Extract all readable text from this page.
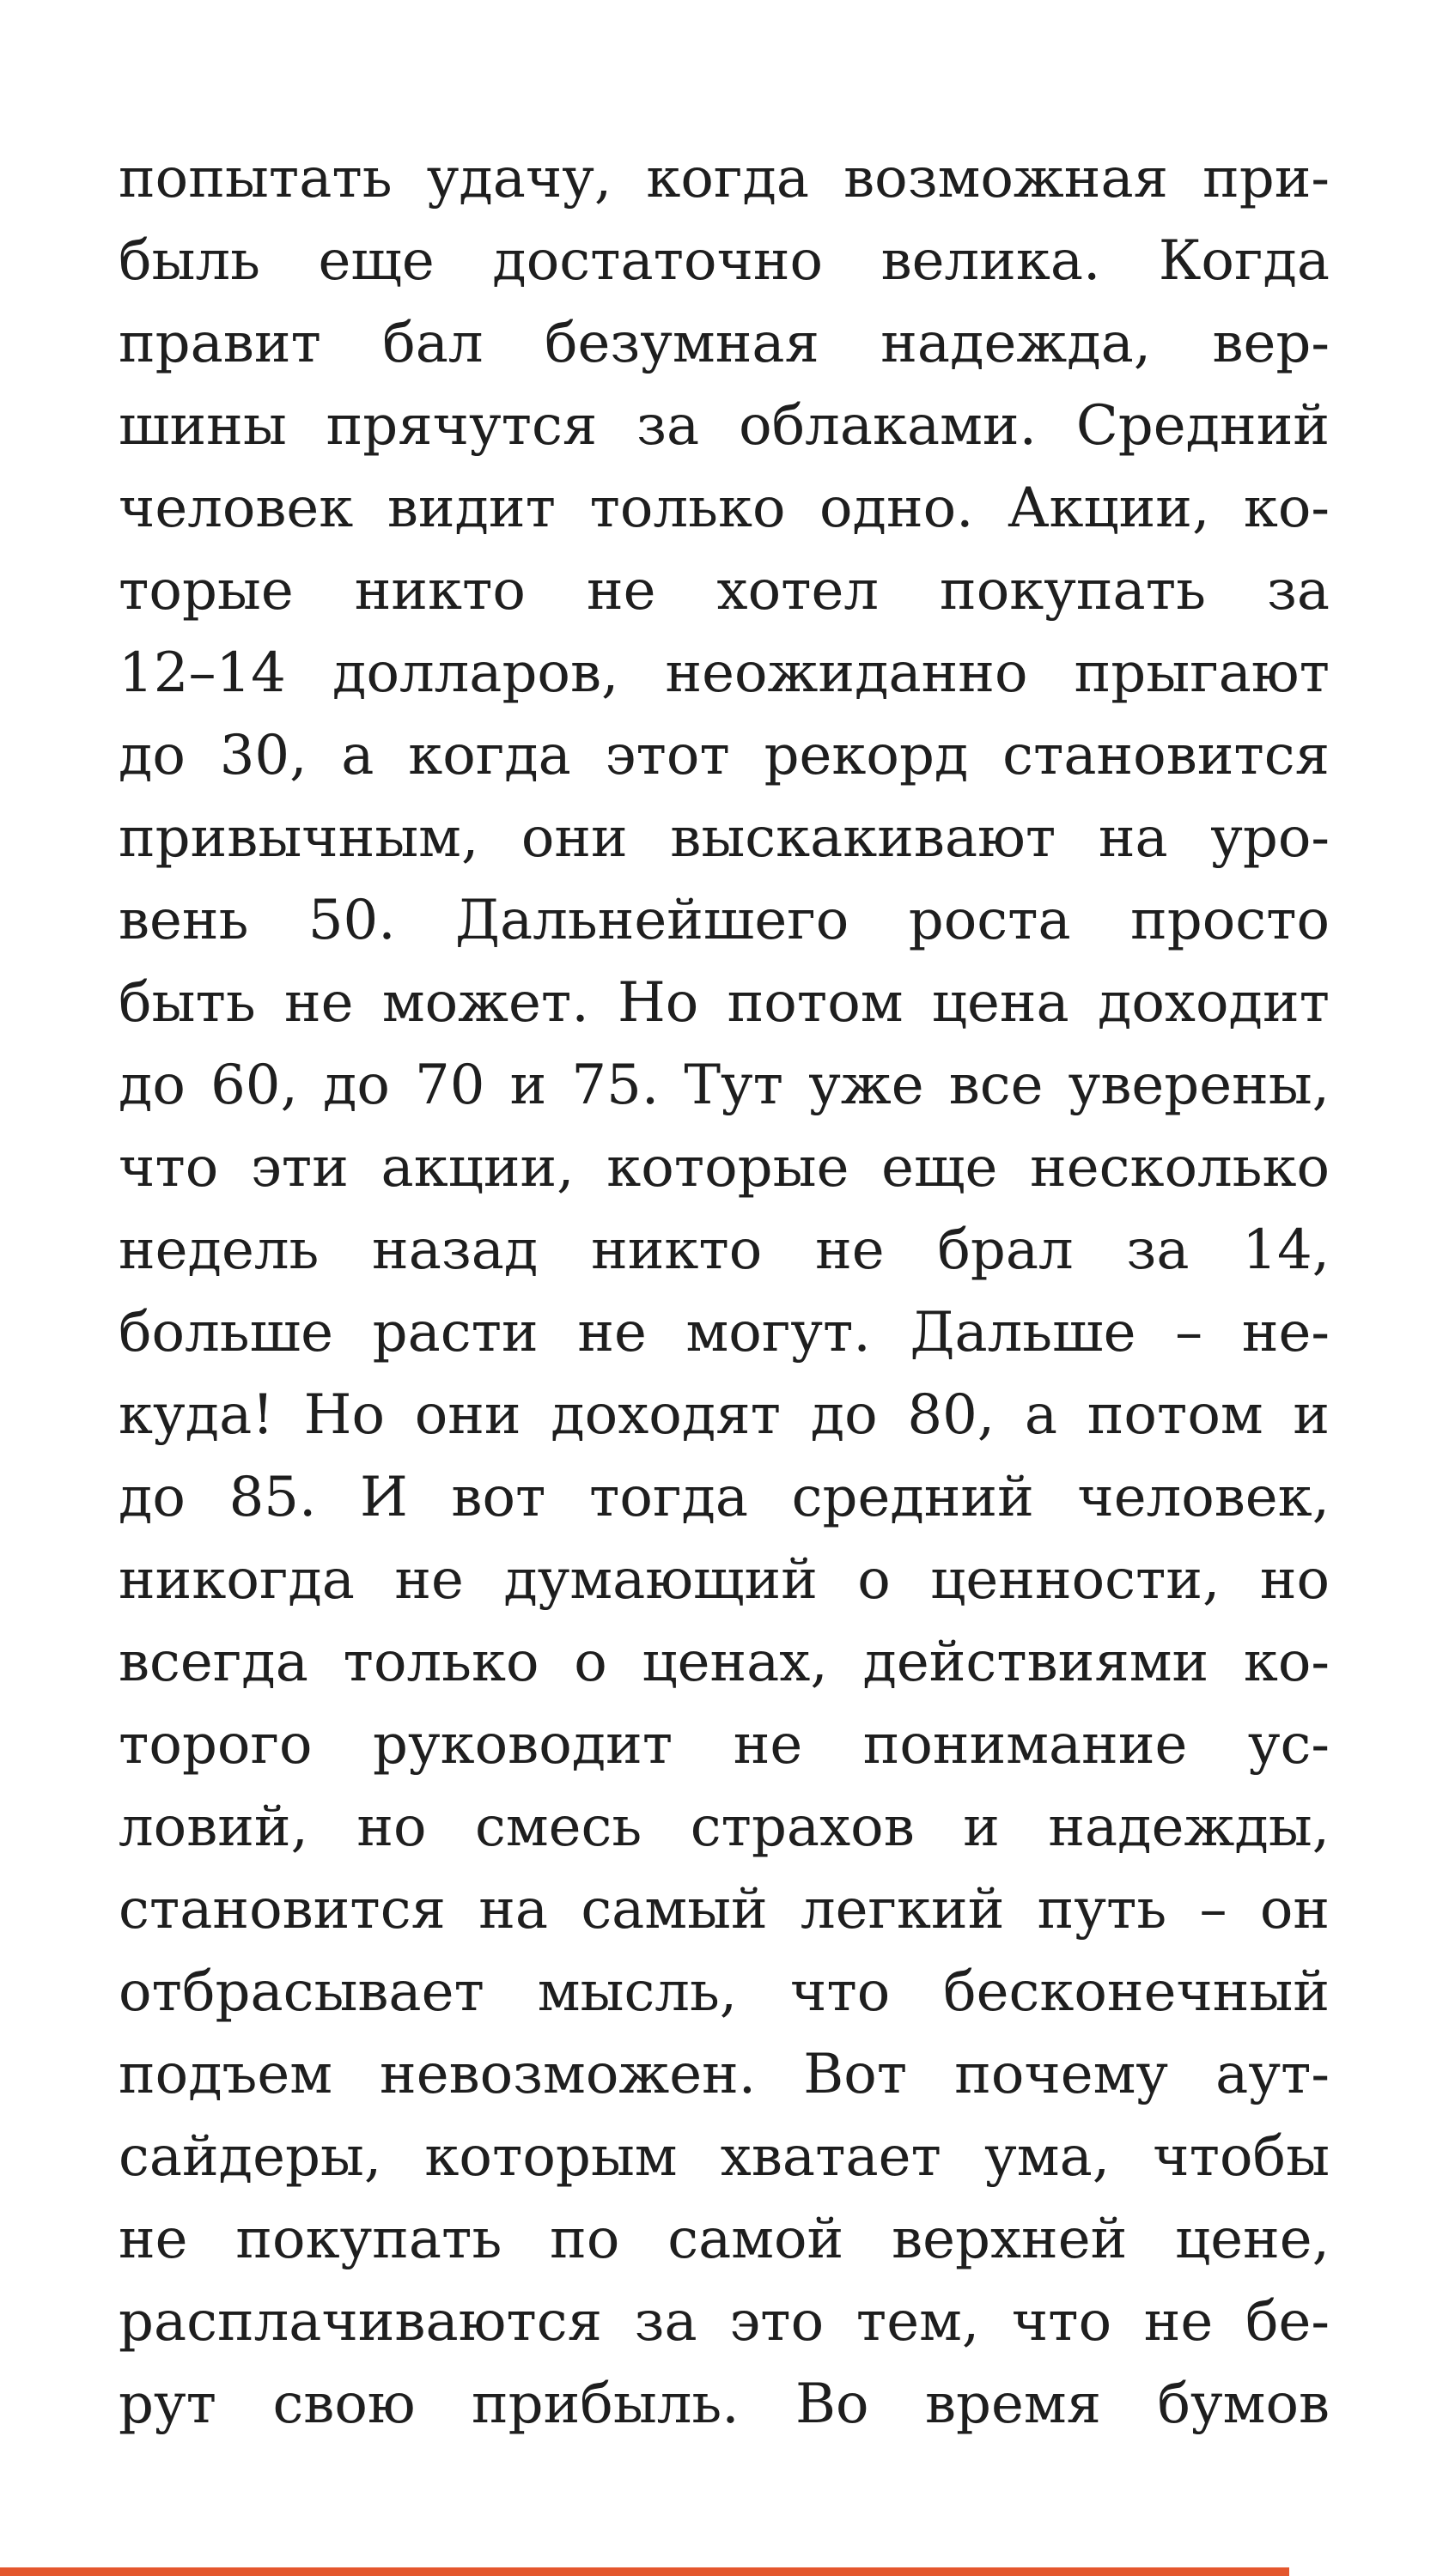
попытать удачу, когда возможная при-
быль еще достаточно велика. Когда
правит бал безумная надежда, вер-
шины прячутся за облаками. Средний
человек видит только одно. Акции, ко-
торые никто не хотел покупать за
12–14 долларов, неожиданно прыгают
до 30, а когда этот рекорд становится
привычным, они выскакивают на уро-
вень 50. Дальнейшего роста просто
быть не может. Но потом цена доходит
до 60, до 70 и 75. Тут уже все уверены,
что эти акции, которые еще несколько
недель назад никто не брал за 14,
больше расти не могут. Дальше – не-
куда! Но они доходят до 80, а потом и
до 85. И вот тогда средний человек,
никогда не думающий о ценности, но
всегда только о ценах, действиями ко-
торого руководит не понимание ус-
ловий, но смесь страхов и надежды,
становится на самый легкий путь – он
отбрасывает мысль, что бесконечный
подъем невозможен. Вот почему аут-
сайдеры, которым хватает ума, чтобы
не покупать по самой верхней цене,
расплачиваются за это тем, что не бе-
рут свою прибыль. Во время бумов
